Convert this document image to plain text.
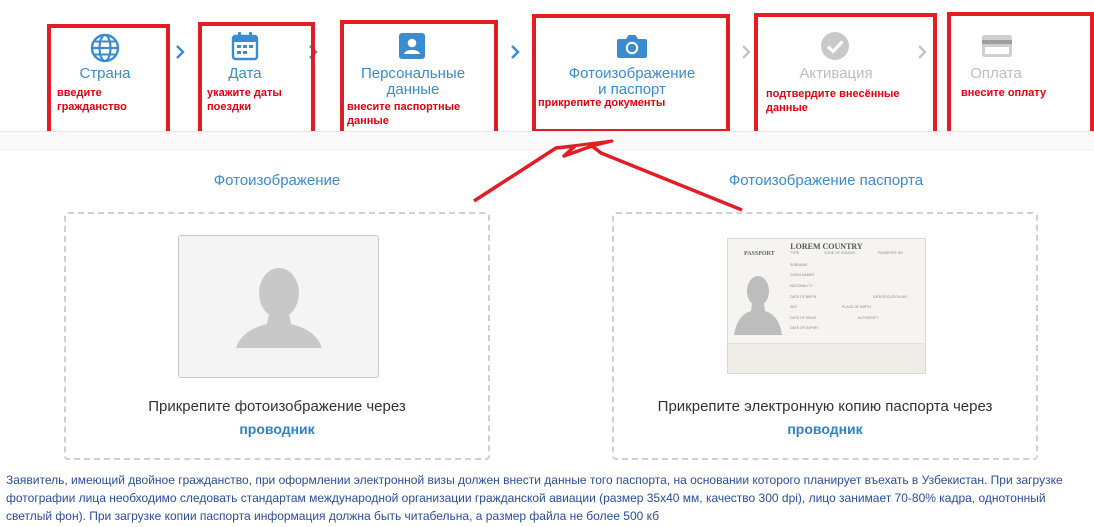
Страна
введите гражданство
Дата
укажите даты поездки
Персональные
данные
внесите паспортные данные
Фотоизображение
и паспорт
прикрепите документы
Активация
подтвердите внесённые данные
Оплата
внесите оплату
Фотоизображение
Прикрепите фотоизображение через
проводник
Фотоизображение паспорта
LOREM COUNTRY
PASSPORT	TYPE	CODE OF ISSUING	PASSPORT NO
SURNAME
GIVEN NAMES
NATIONALITY
DATE OF BIRTH	IDENTIFICATION NO
SEX	PLACE OF BIRTH
DATE OF ISSUE	AUTHORITY
DATE OF EXPIRY
Прикрепите электронную копию паспорта через
проводник
Заявитель, имеющий двойное гражданство, при оформлении электронной визы должен внести данные того паспорта, на основании которого планирует въехать в Узбекистан. При загрузке фотографии лица необходимо следовать стандартам международной организации гражданской авиации (размер 35x40 мм, качество 300 dpi), лицо занимает 70-80% кадра, однотонный светлый фон). При загрузке копии паспорта информация должна быть читабельна, а размер файла не более 500 кб
